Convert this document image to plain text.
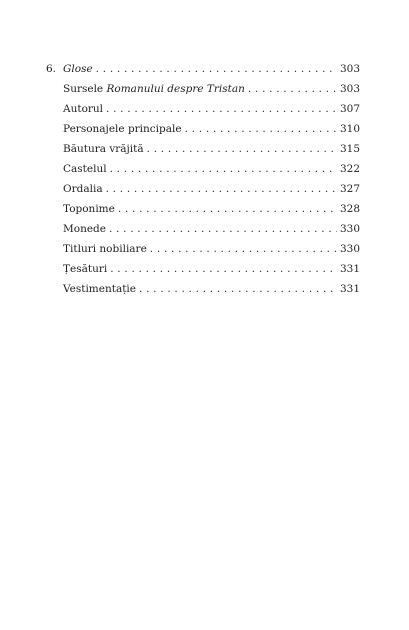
6. Glose . . .	303
Sursele Romanului despre Tristan . . .	303
Autorul . . .	307
Personajele principale . . .	310
Băutura vrăjită . . .	315
Castelul . . .	322
Ordalia . . .	327
Toponime . . .	328
Monede . . .	330
Titluri nobiliare . . .	330
Țesături . . .	331
Vestimentație . . .	331
